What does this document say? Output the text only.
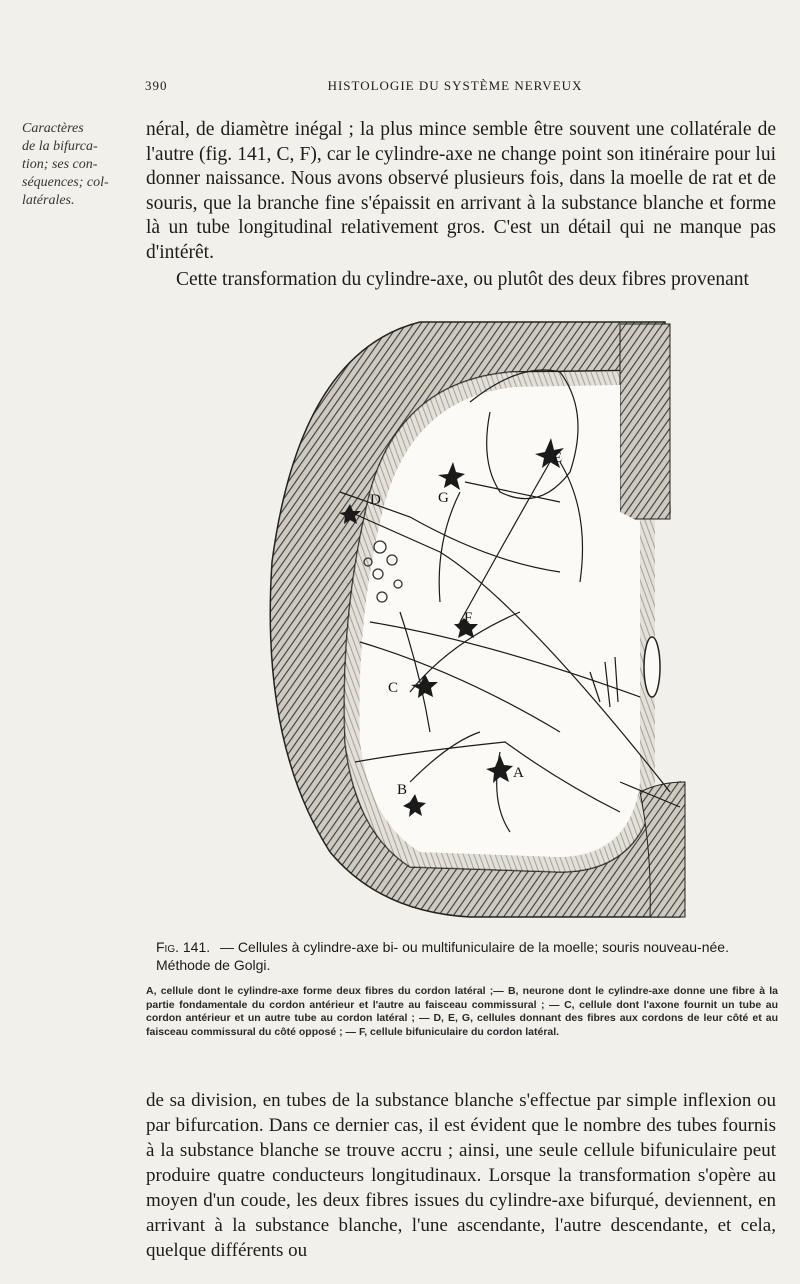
390	HISTOLOGIE DU SYSTÈME NERVEUX
Caractères
de la bifurca-
tion; ses con-
séquences; col-
latérales.

néral, de diamètre inégal ; la plus mince semble être souvent une collatérale de l'autre (fig. 141, C, F), car le cylindre-axe ne change point son itinéraire pour lui donner naissance. Nous avons observé plusieurs fois, dans la moelle de rat et de souris, que la branche fine s'épaissit en arrivant à la substance blanche et forme là un tube longitudinal relativement gros. C'est un détail qui ne manque pas d'intérêt.

Cette transformation du cylindre-axe, ou plutôt des deux fibres provenant

E
G
D
F
C
A
B
Fig. 141. — Cellules à cylindre-axe bi- ou multifuniculaire de la moelle; souris nouveau-née. Méthode de Golgi.
A, cellule dont le cylindre-axe forme deux fibres du cordon latéral ;— B, neurone dont le cylindre-axe donne une fibre à la partie fondamentale du cordon antérieur et l'autre au faisceau commissural ; — C, cellule dont l'axone fournit un tube au cordon antérieur et un autre tube au cordon latéral ; — D, E, G, cellules donnant des fibres aux cordons de leur côté et au faisceau commissural du côté opposé ; — F, cellule bifuniculaire du cordon latéral.

de sa division, en tubes de la substance blanche s'effectue par simple inflexion ou par bifurcation. Dans ce dernier cas, il est évident que le nombre des tubes fournis à la substance blanche se trouve accru ; ainsi, une seule cellule bifuniculaire peut produire quatre conducteurs longitudinaux. Lorsque la transformation s'opère au moyen d'un coude, les deux fibres issues du cylindre-axe bifurqué, deviennent, en arrivant à la substance blanche, l'une ascendante, l'autre descendante, et cela, quelque différents ou
